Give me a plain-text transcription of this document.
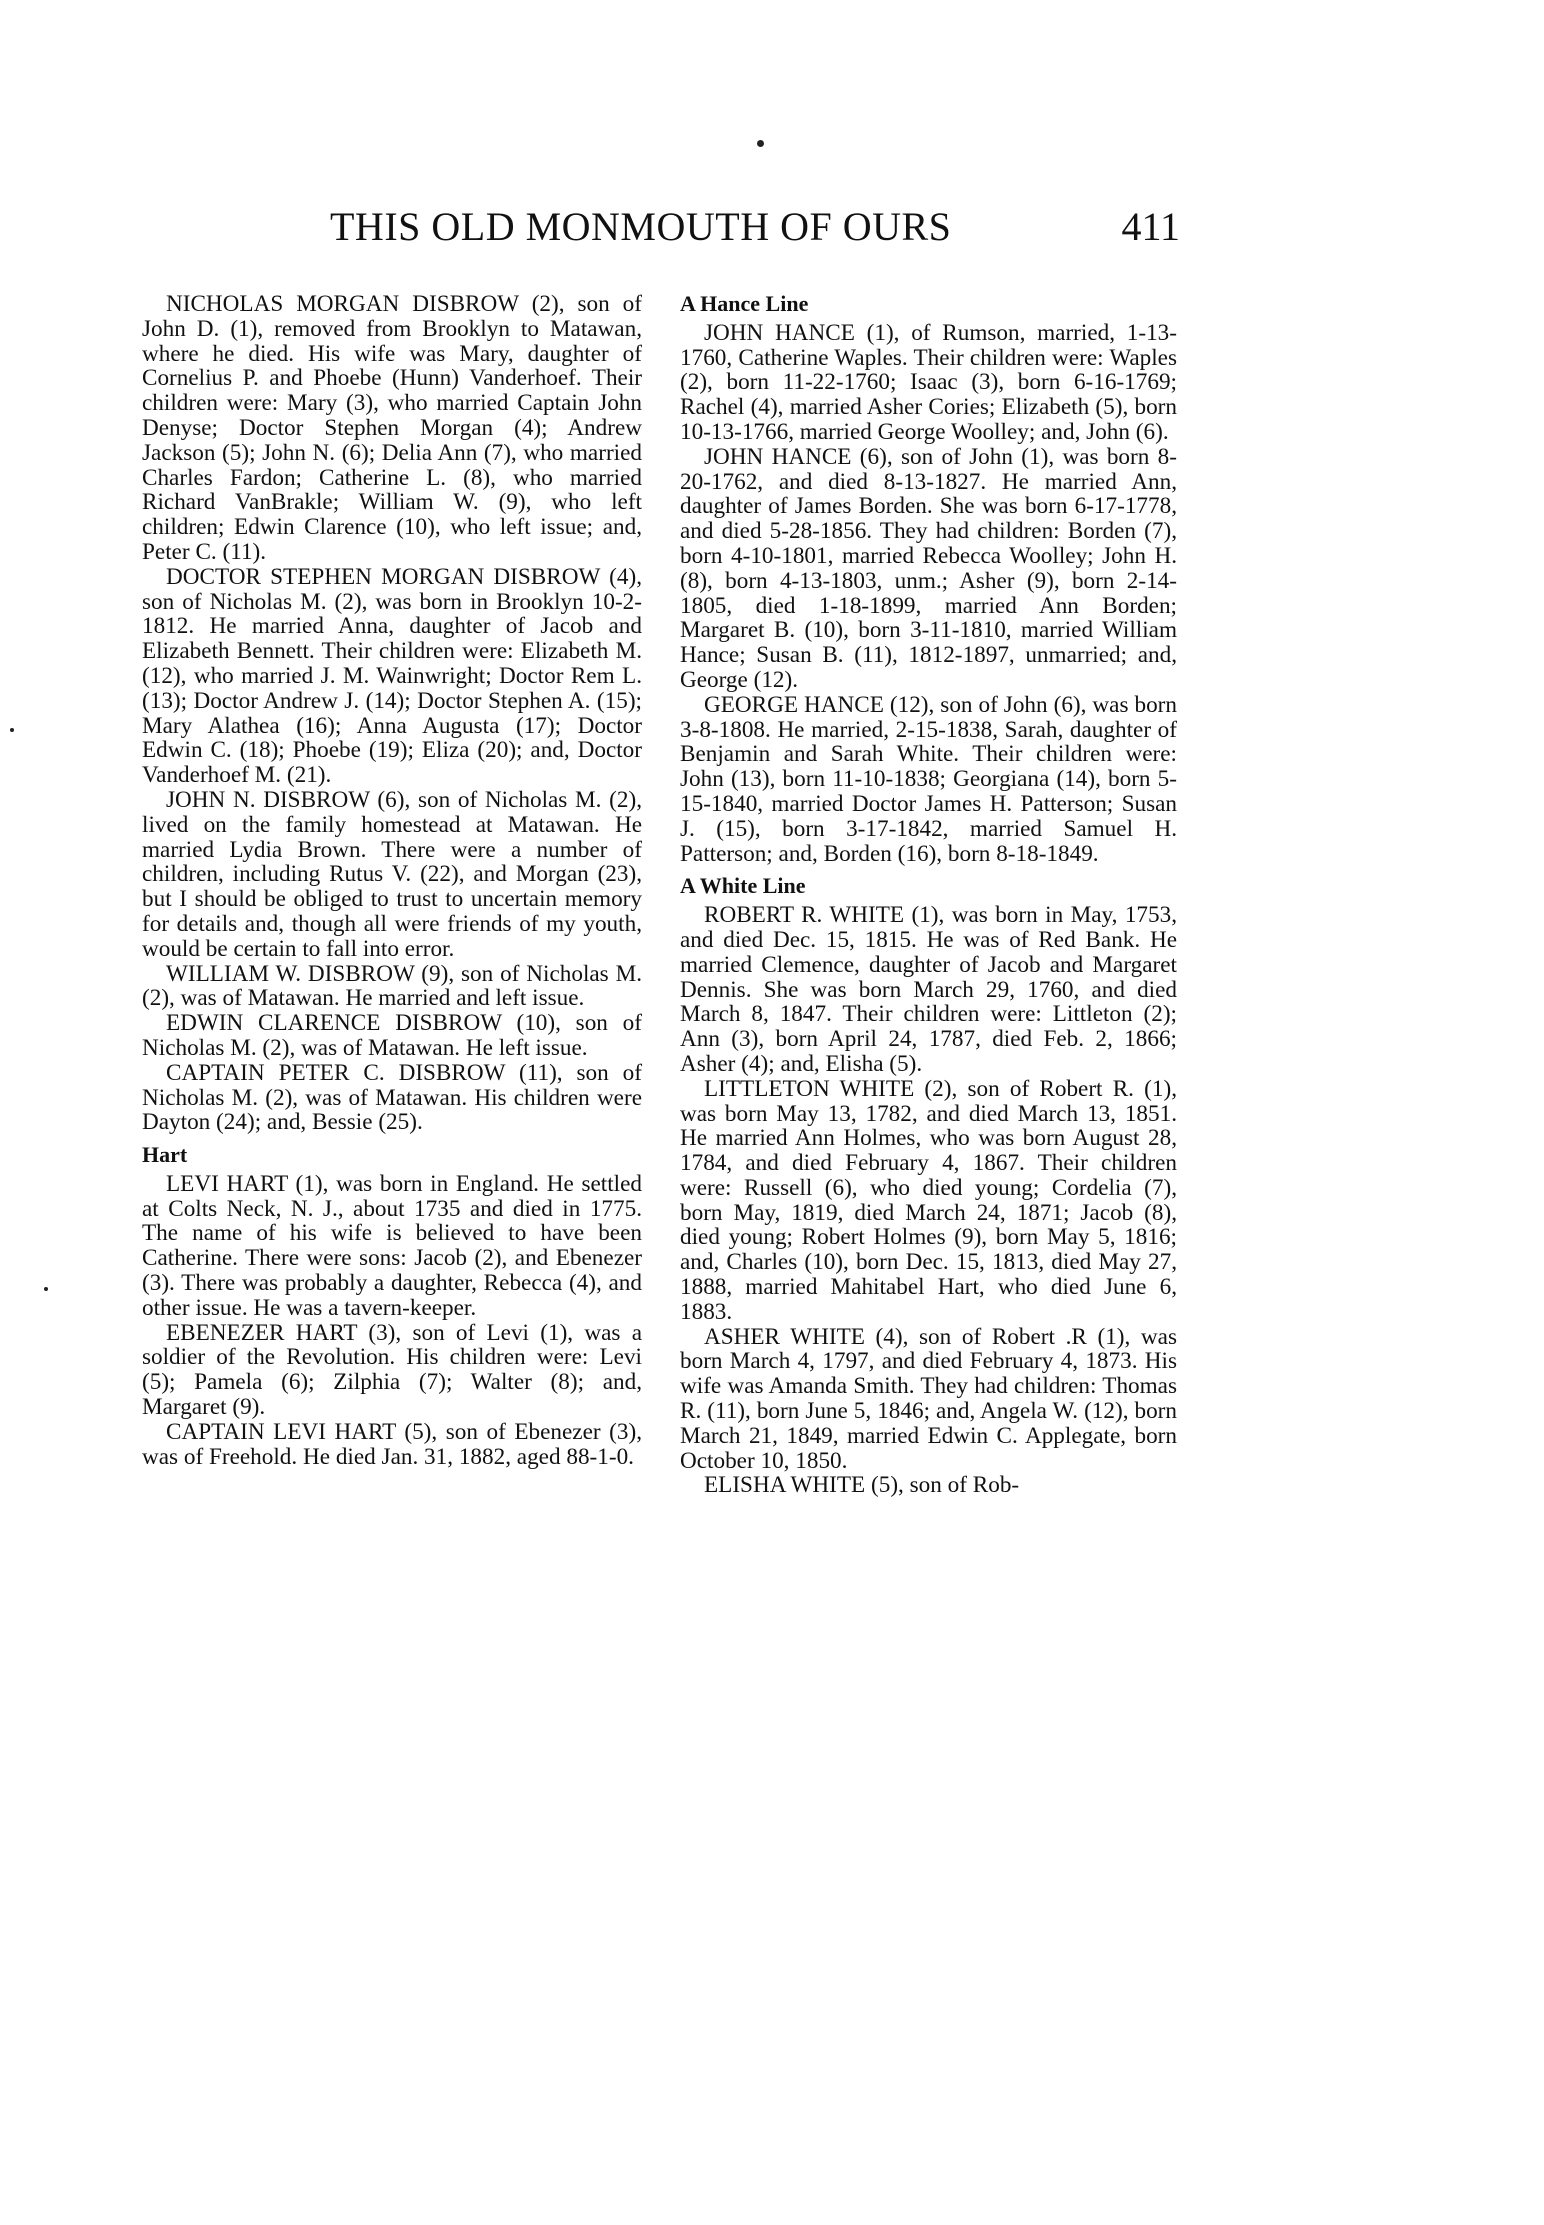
THIS OLD MONMOUTH OF OURS	411

NICHOLAS MORGAN DISBROW (2), son of John D. (1), removed from Brooklyn to Matawan, where he died. His wife was Mary, daughter of Cornelius P. and Phoebe (Hunn) Vanderhoef. Their children were: Mary (3), who married Captain John Denyse; Doctor Stephen Morgan (4); Andrew Jackson (5); John N. (6); Delia Ann (7), who married Charles Fardon; Catherine L. (8), who married Richard VanBrakle; William W. (9), who left children; Edwin Clarence (10), who left issue; and, Peter C. (11).

DOCTOR STEPHEN MORGAN DISBROW (4), son of Nicholas M. (2), was born in Brooklyn 10-2-1812. He married Anna, daughter of Jacob and Elizabeth Bennett. Their children were: Elizabeth M. (12), who married J. M. Wainwright; Doctor Rem L. (13); Doctor Andrew J. (14); Doctor Stephen A. (15); Mary Alathea (16); Anna Augusta (17); Doctor Edwin C. (18); Phoebe (19); Eliza (20); and, Doctor Vanderhoef M. (21).

JOHN N. DISBROW (6), son of Nicholas M. (2), lived on the family homestead at Matawan. He married Lydia Brown. There were a number of children, including Rutus V. (22), and Morgan (23), but I should be obliged to trust to uncertain memory for details and, though all were friends of my youth, would be certain to fall into error.

WILLIAM W. DISBROW (9), son of Nicholas M. (2), was of Matawan. He married and left issue.

EDWIN CLARENCE DISBROW (10), son of Nicholas M. (2), was of Matawan. He left issue.

CAPTAIN PETER C. DISBROW (11), son of Nicholas M. (2), was of Matawan. His children were Dayton (24); and, Bessie (25).

Hart

LEVI HART (1), was born in England. He settled at Colts Neck, N. J., about 1735 and died in 1775. The name of his wife is believed to have been Catherine. There were sons: Jacob (2), and Ebenezer (3). There was probably a daughter, Rebecca (4), and other issue. He was a tavern-keeper.

EBENEZER HART (3), son of Levi (1), was a soldier of the Revolution. His children were: Levi (5); Pamela (6); Zilphia (7); Walter (8); and, Margaret (9).

CAPTAIN LEVI HART (5), son of Ebenezer (3), was of Freehold. He died Jan. 31, 1882, aged 88-1-0.

A Hance Line

JOHN HANCE (1), of Rumson, married, 1-13-1760, Catherine Waples. Their children were: Waples (2), born 11-22-1760; Isaac (3), born 6-16-1769; Rachel (4), married Asher Cories; Elizabeth (5), born 10-13-1766, married George Woolley; and, John (6).

JOHN HANCE (6), son of John (1), was born 8-20-1762, and died 8-13-1827. He married Ann, daughter of James Borden. She was born 6-17-1778, and died 5-28-1856. They had children: Borden (7), born 4-10-1801, married Rebecca Woolley; John H. (8), born 4-13-1803, unm.; Asher (9), born 2-14-1805, died 1-18-1899, married Ann Borden; Margaret B. (10), born 3-11-1810, married William Hance; Susan B. (11), 1812-1897, unmarried; and, George (12).

GEORGE HANCE (12), son of John (6), was born 3-8-1808. He married, 2-15-1838, Sarah, daughter of Benjamin and Sarah White. Their children were: John (13), born 11-10-1838; Georgiana (14), born 5-15-1840, married Doctor James H. Patterson; Susan J. (15), born 3-17-1842, married Samuel H. Patterson; and, Borden (16), born 8-18-1849.

A White Line

ROBERT R. WHITE (1), was born in May, 1753, and died Dec. 15, 1815. He was of Red Bank. He married Clemence, daughter of Jacob and Margaret Dennis. She was born March 29, 1760, and died March 8, 1847. Their children were: Littleton (2); Ann (3), born April 24, 1787, died Feb. 2, 1866; Asher (4); and, Elisha (5).

LITTLETON WHITE (2), son of Robert R. (1), was born May 13, 1782, and died March 13, 1851. He married Ann Holmes, who was born August 28, 1784, and died February 4, 1867. Their children were: Russell (6), who died young; Cordelia (7), born May, 1819, died March 24, 1871; Jacob (8), died young; Robert Holmes (9), born May 5, 1816; and, Charles (10), born Dec. 15, 1813, died May 27, 1888, married Mahitabel Hart, who died June 6, 1883.

ASHER WHITE (4), son of Robert .R (1), was born March 4, 1797, and died February 4, 1873. His wife was Amanda Smith. They had children: Thomas R. (11), born June 5, 1846; and, Angela W. (12), born March 21, 1849, married Edwin C. Applegate, born October 10, 1850.

ELISHA WHITE (5), son of Rob-
